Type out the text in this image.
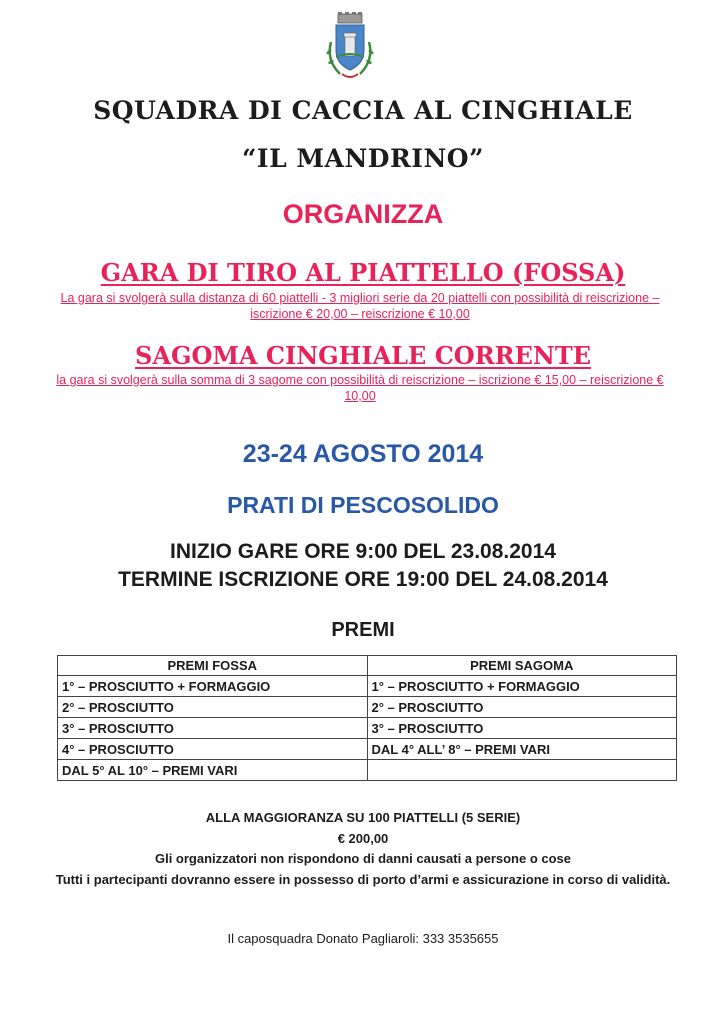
SQUADRA DI CACCIA AL CINGHIALE
“IL MANDRINO”
ORGANIZZA
GARA DI TIRO AL PIATTELLO (FOSSA)
La gara si svolgerà sulla distanza di 60 piattelli - 3 migliori serie da 20 piattelli con possibilità di reiscrizione – iscrizione € 20,00 – reiscrizione € 10,00
SAGOMA CINGHIALE CORRENTE
la gara si svolgerà sulla somma di 3 sagome con possibilità di reiscrizione – iscrizione € 15,00 – reiscrizione € 10,00
23-24 AGOSTO 2014
PRATI DI PESCOSOLIDO
INIZIO GARE ORE 9:00 DEL 23.08.2014
TERMINE ISCRIZIONE ORE 19:00 DEL 24.08.2014
PREMI
PREMI FOSSA	PREMI SAGOMA
1° – PROSCIUTTO + FORMAGGIO	1° – PROSCIUTTO + FORMAGGIO
2° – PROSCIUTTO	2° – PROSCIUTTO
3° – PROSCIUTTO	3° – PROSCIUTTO
4° – PROSCIUTTO	DAL 4° ALL’ 8° – PREMI VARI
DAL 5° AL 10° – PREMI VARI	
ALLA MAGGIORANZA SU 100 PIATTELLI (5 SERIE)
€ 200,00
Gli organizzatori non rispondono di danni causati a persone o cose
Tutti i partecipanti dovranno essere in possesso di porto d’armi e assicurazione in corso di validità.
Il caposquadra Donato Pagliaroli: 333 3535655
